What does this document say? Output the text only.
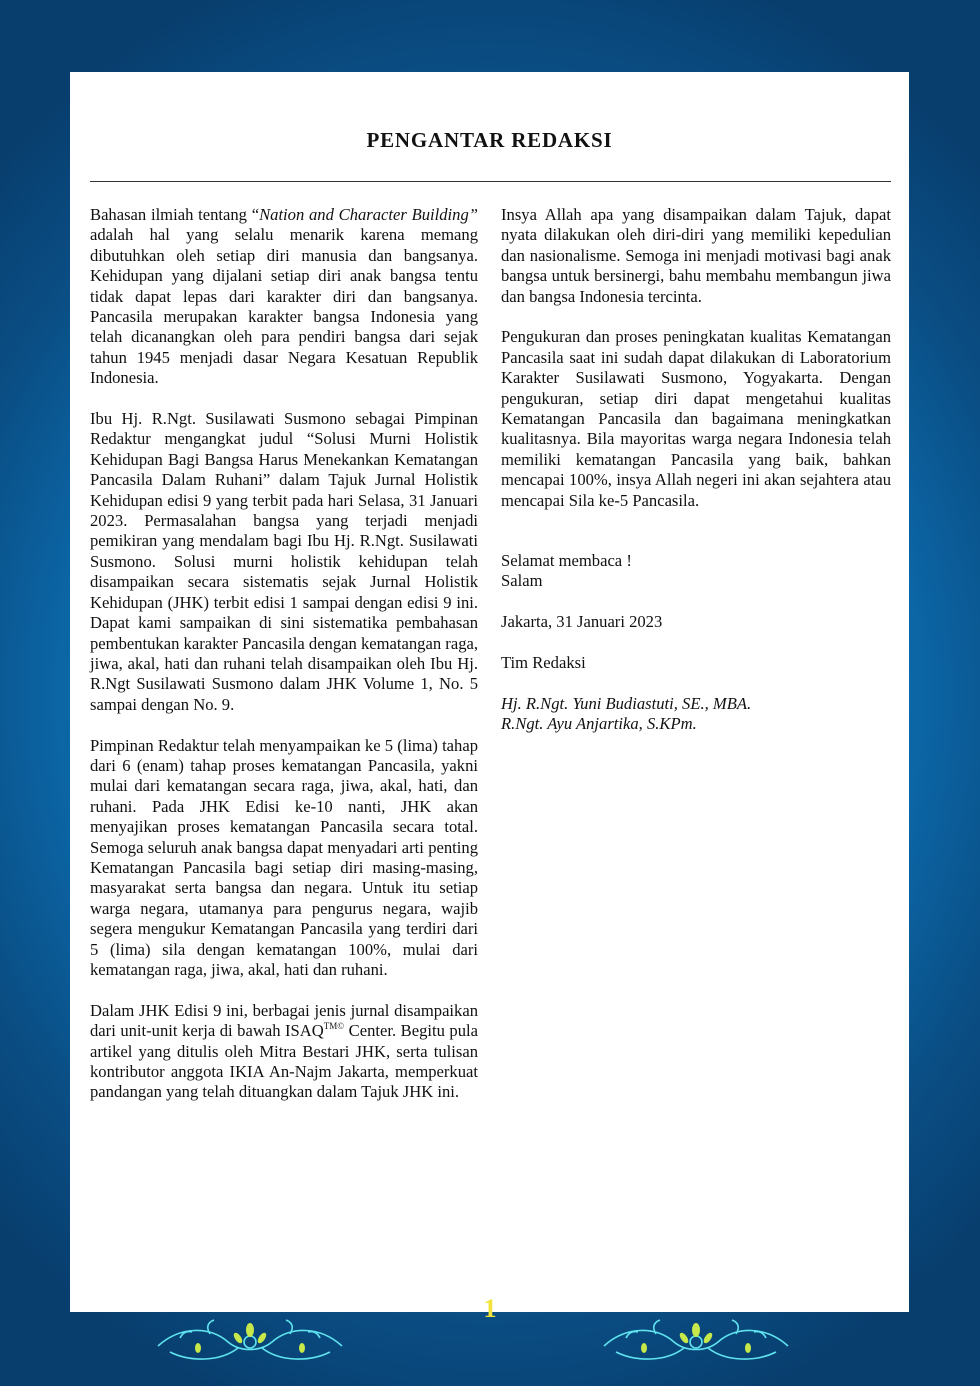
PENGANTAR REDAKSI

Bahasan ilmiah tentang “Nation and Character Building” adalah hal yang selalu menarik karena memang dibutuhkan oleh setiap diri manusia dan bangsanya. Kehidupan yang dijalani setiap diri anak bangsa tentu tidak dapat lepas dari karakter diri dan bangsanya. Pancasila merupakan karakter bangsa Indonesia yang telah dicanangkan oleh para pendiri bangsa dari sejak tahun 1945 menjadi dasar Negara Kesatuan Republik Indonesia.

Ibu Hj. R.Ngt. Susilawati Susmono sebagai Pimpinan Redaktur mengangkat judul “Solusi Murni Holistik Kehidupan Bagi Bangsa Harus Menekankan Kematangan Pancasila Dalam Ruhani” dalam Tajuk Jurnal Holistik Kehidupan edisi 9 yang terbit pada hari Selasa, 31 Januari 2023. Permasalahan bangsa yang terjadi menjadi pemikiran yang mendalam bagi Ibu Hj. R.Ngt. Susilawati Susmono. Solusi murni holistik kehidupan telah disampaikan secara sistematis sejak Jurnal Holistik Kehidupan (JHK) terbit edisi 1 sampai dengan edisi 9 ini. Dapat kami sampaikan di sini sistematika pembahasan pembentukan karakter Pancasila dengan kematangan raga, jiwa, akal, hati dan ruhani telah disampaikan oleh Ibu Hj. R.Ngt Susilawati Susmono dalam JHK Volume 1, No. 5 sampai dengan No. 9.

Pimpinan Redaktur telah menyampaikan ke 5 (lima) tahap dari 6 (enam) tahap proses kematangan Pancasila, yakni mulai dari kematangan secara raga, jiwa, akal, hati, dan ruhani. Pada JHK Edisi ke-10 nanti, JHK akan menyajikan proses kematangan Pancasila secara total. Semoga seluruh anak bangsa dapat menyadari arti penting Kematangan Pancasila bagi setiap diri masing-masing, masyarakat serta bangsa dan negara. Untuk itu setiap warga negara, utamanya para pengurus negara, wajib segera mengukur Kematangan Pancasila yang terdiri dari 5 (lima) sila dengan kematangan 100%, mulai dari kematangan raga, jiwa, akal, hati dan ruhani.

Dalam JHK Edisi 9 ini, berbagai jenis jurnal disampaikan dari unit-unit kerja di bawah $ISAQ^{TM©}$ Center. Begitu pula artikel yang ditulis oleh Mitra Bestari JHK, serta tulisan kontributor anggota IKIA An-Najm Jakarta, memperkuat pandangan yang telah dituangkan dalam Tajuk JHK ini.

Insya Allah apa yang disampaikan dalam Tajuk, dapat nyata dilakukan oleh diri-diri yang memiliki kepedulian dan nasionalisme. Semoga ini menjadi motivasi bagi anak bangsa untuk bersinergi, bahu membahu membangun jiwa dan bangsa Indonesia tercinta.

Pengukuran dan proses peningkatan kualitas Kematangan Pancasila saat ini sudah dapat dilakukan di Laboratorium Karakter Susilawati Susmono, Yogyakarta. Dengan pengukuran, setiap diri dapat mengetahui kualitas Kematangan Pancasila dan bagaimana meningkatkan kualitasnya. Bila mayoritas warga negara Indonesia telah memiliki kematangan Pancasila yang baik, bahkan mencapai 100%, insya Allah negeri ini akan sejahtera atau mencapai Sila ke-5 Pancasila.

Selamat membaca !

Salam

Jakarta, 31 Januari 2023

Tim Redaksi

Hj. R.Ngt. Yuni Budiastuti, SE., MBA.

R.Ngt. Ayu Anjartika, S.KPm.

1
